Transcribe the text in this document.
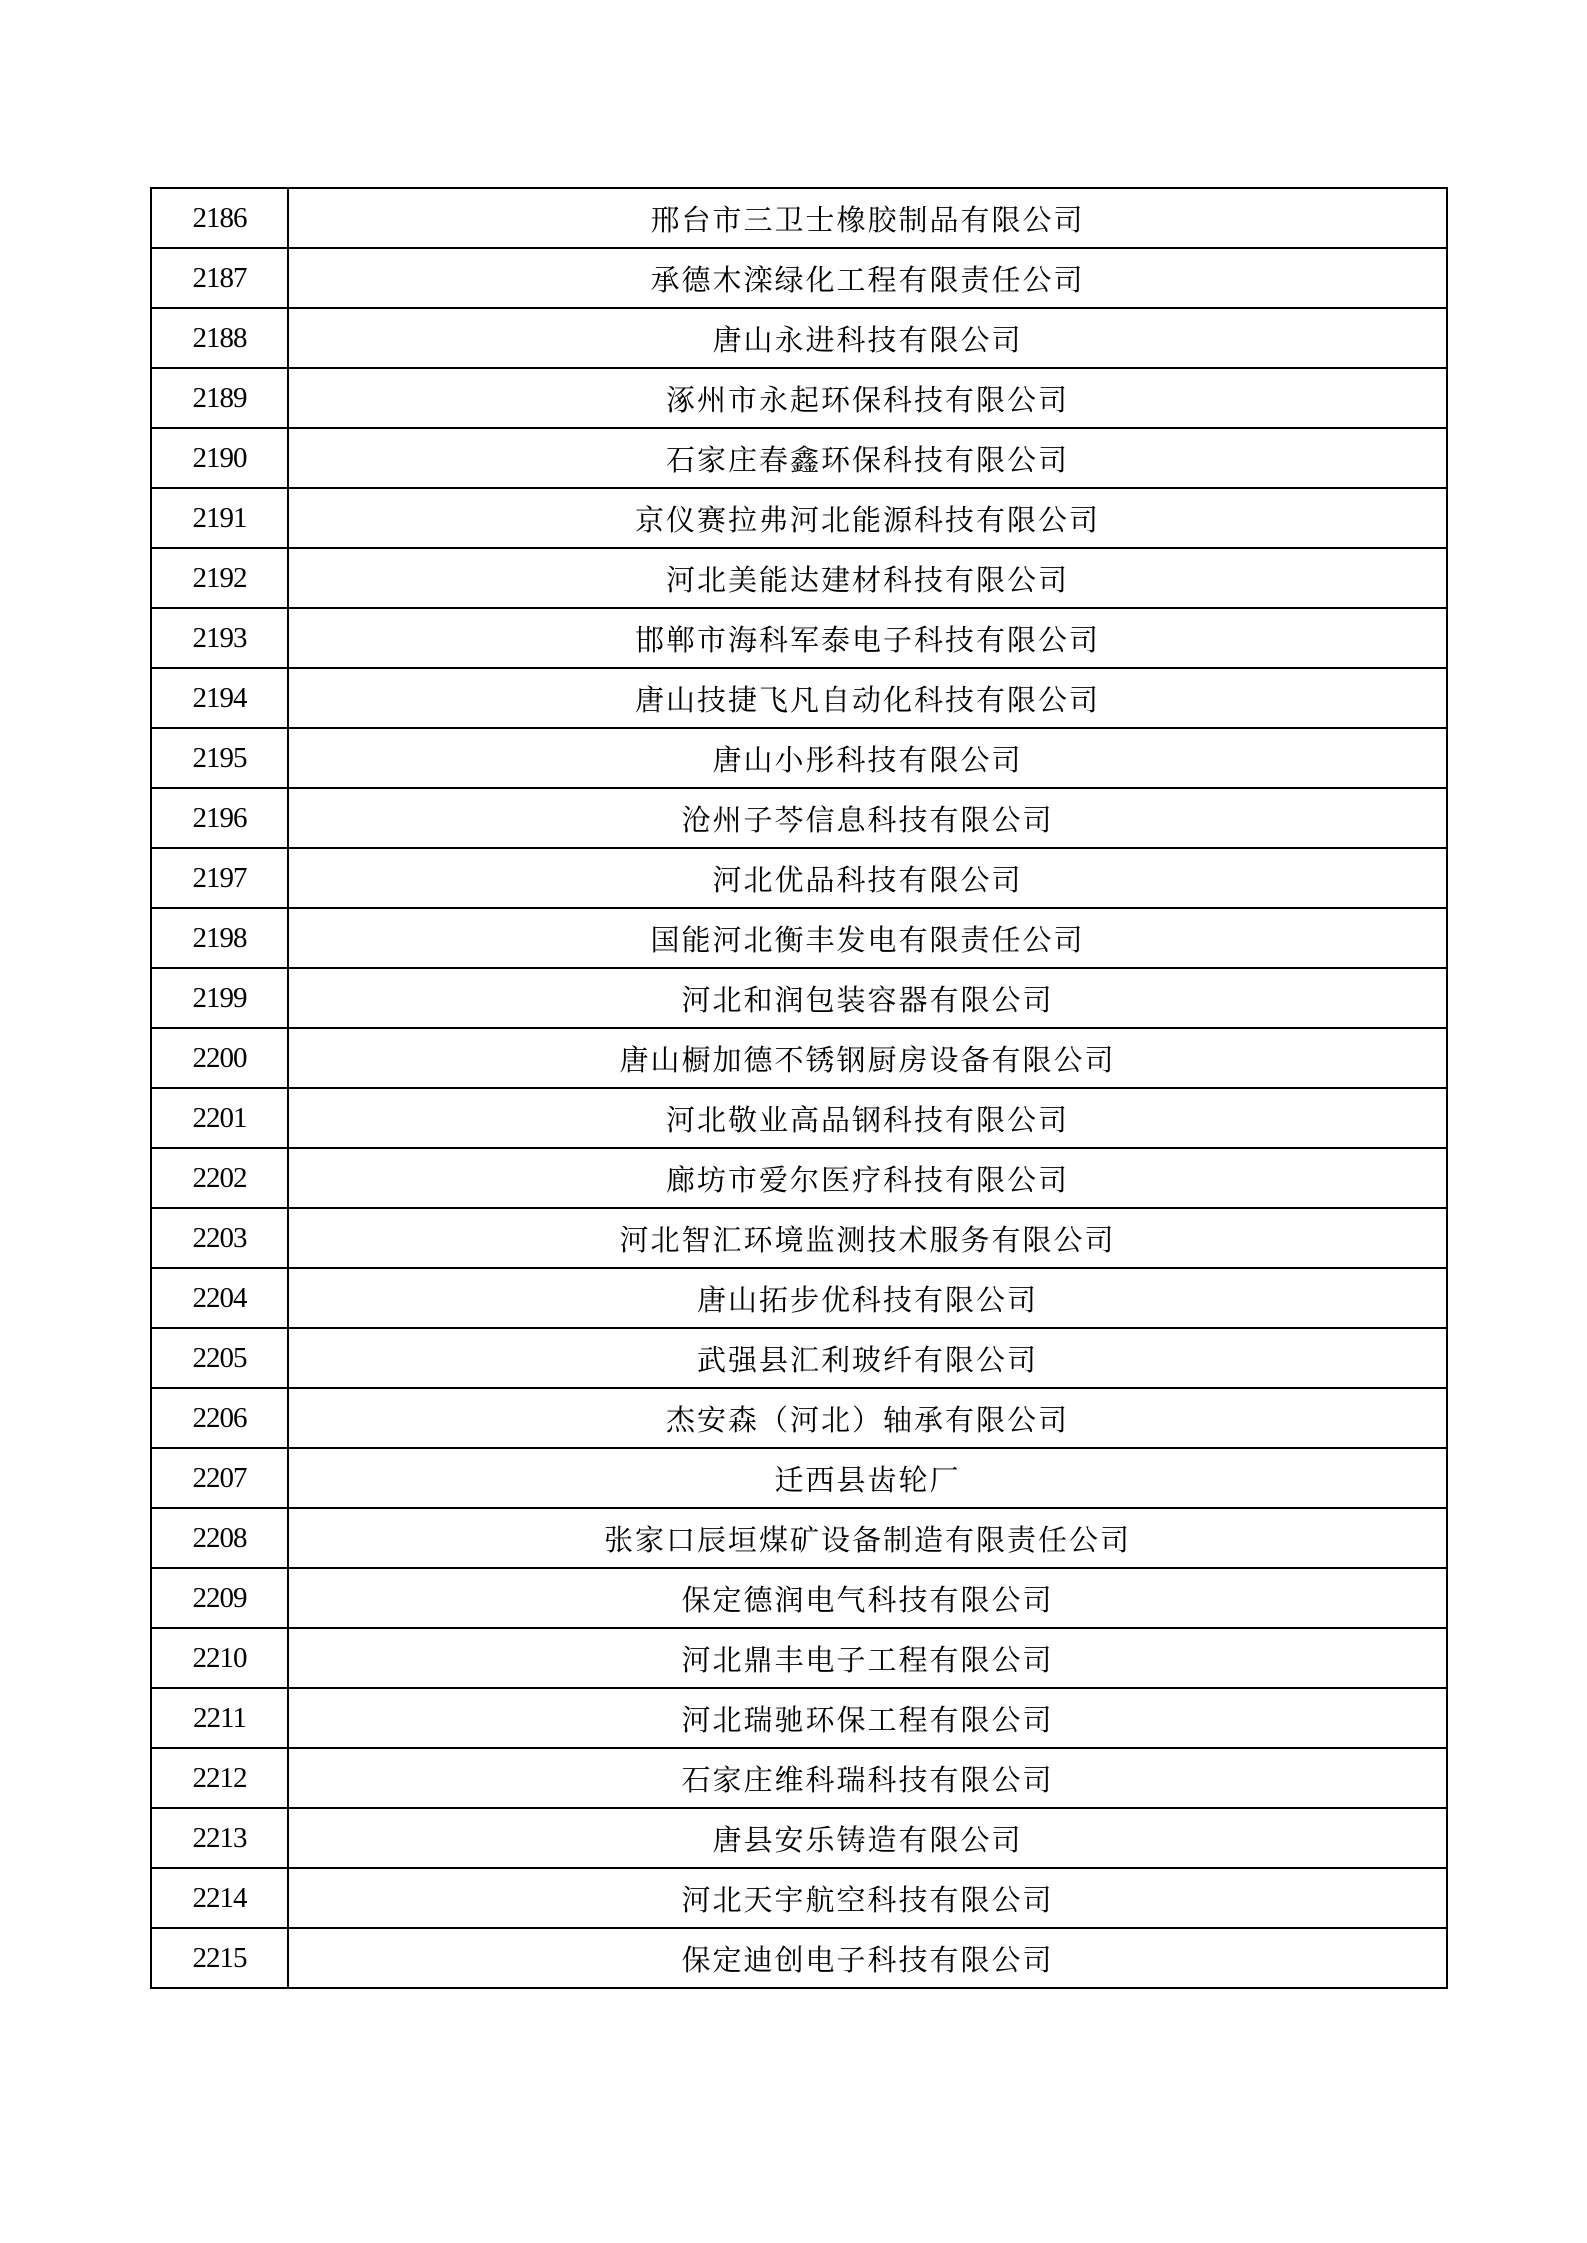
2186	邢台市三卫士橡胶制品有限公司
2187	承德木滦绿化工程有限责任公司
2188	唐山永进科技有限公司
2189	涿州市永起环保科技有限公司
2190	石家庄春鑫环保科技有限公司
2191	京仪赛拉弗河北能源科技有限公司
2192	河北美能达建材科技有限公司
2193	邯郸市海科军泰电子科技有限公司
2194	唐山技捷飞凡自动化科技有限公司
2195	唐山小彤科技有限公司
2196	沧州子芩信息科技有限公司
2197	河北优品科技有限公司
2198	国能河北衡丰发电有限责任公司
2199	河北和润包装容器有限公司
2200	唐山橱加德不锈钢厨房设备有限公司
2201	河北敬业高品钢科技有限公司
2202	廊坊市爱尔医疗科技有限公司
2203	河北智汇环境监测技术服务有限公司
2204	唐山拓步优科技有限公司
2205	武强县汇利玻纤有限公司
2206	杰安森（河北）轴承有限公司
2207	迁西县齿轮厂
2208	张家口辰垣煤矿设备制造有限责任公司
2209	保定德润电气科技有限公司
2210	河北鼎丰电子工程有限公司
2211	河北瑞驰环保工程有限公司
2212	石家庄维科瑞科技有限公司
2213	唐县安乐铸造有限公司
2214	河北天宇航空科技有限公司
2215	保定迪创电子科技有限公司
